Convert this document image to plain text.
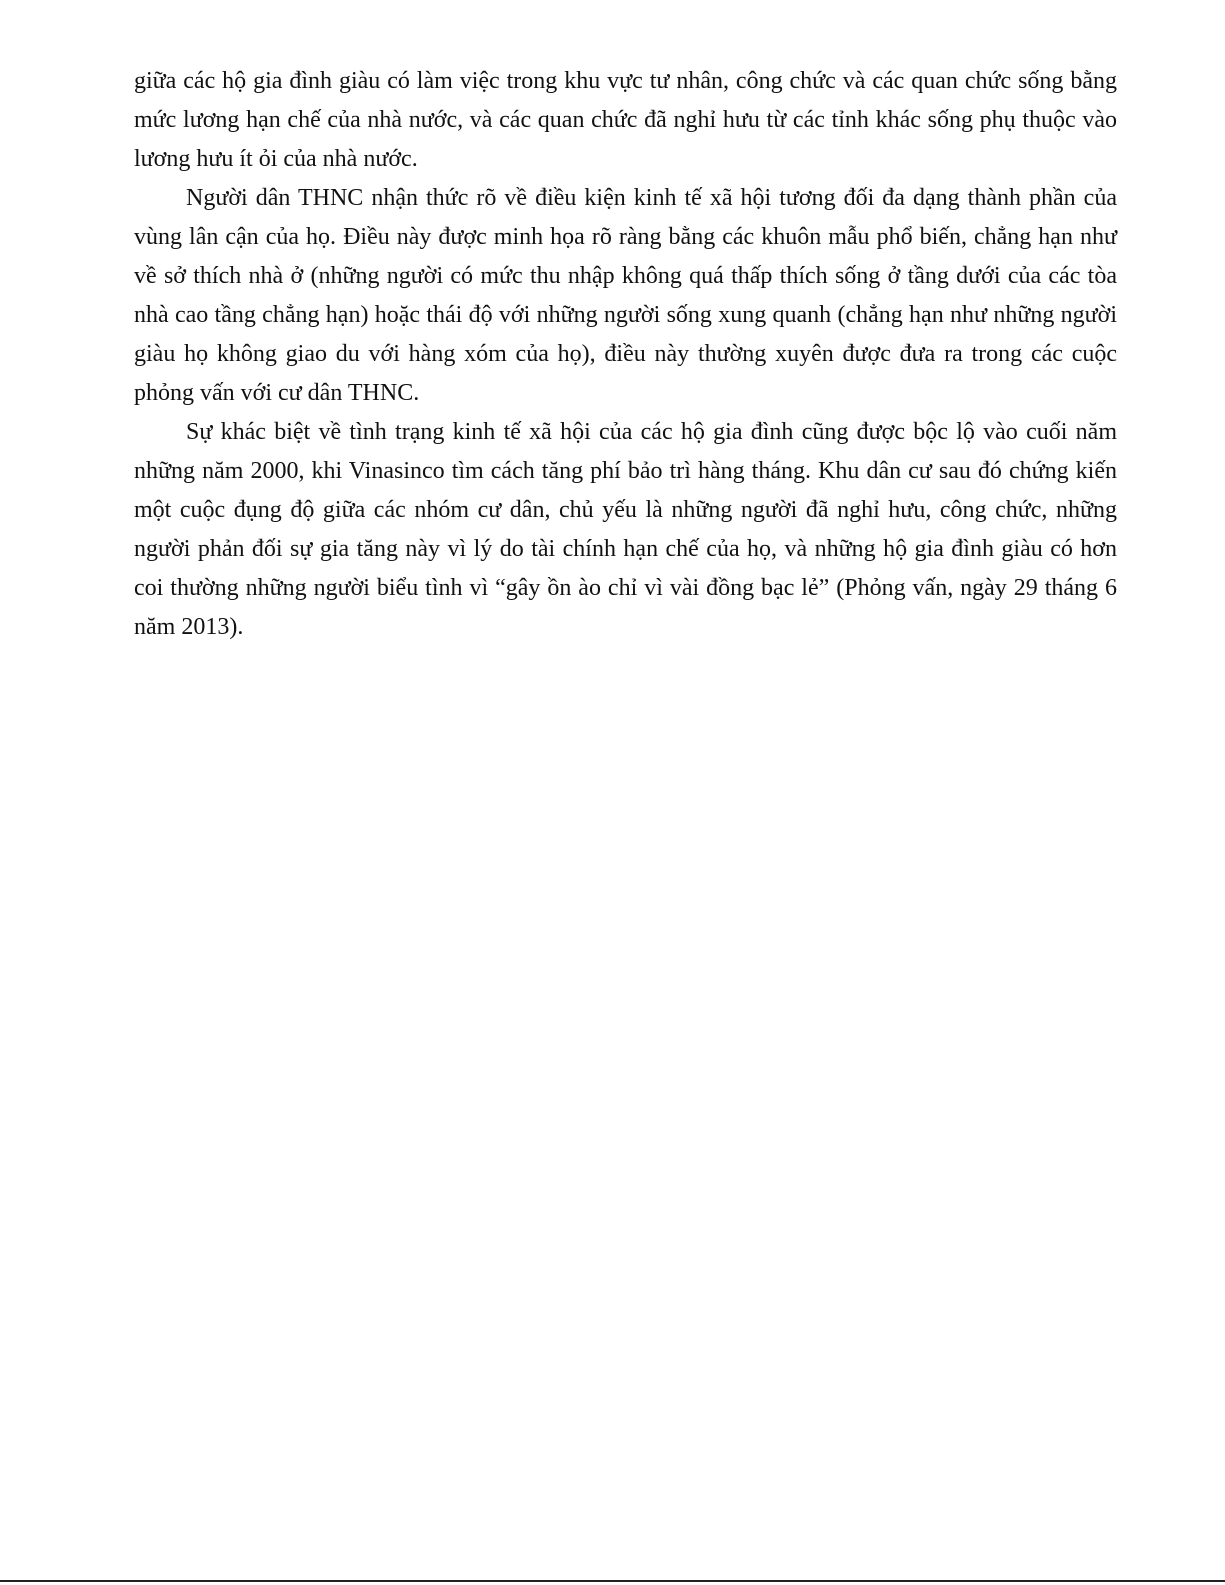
giữa các hộ gia đình giàu có làm việc trong khu vực tư nhân, công chức và các quan chức sống bằng mức lương hạn chế của nhà nước, và các quan chức đã nghỉ hưu từ các tỉnh khác sống phụ thuộc vào lương hưu ít ỏi của nhà nước.

Người dân THNC nhận thức rõ về điều kiện kinh tế xã hội tương đối đa dạng thành phần của vùng lân cận của họ. Điều này được minh họa rõ ràng bằng các khuôn mẫu phổ biến, chẳng hạn như về sở thích nhà ở (những người có mức thu nhập không quá thấp thích sống ở tầng dưới của các tòa nhà cao tầng chẳng hạn) hoặc thái độ với những người sống xung quanh (chẳng hạn như những người giàu họ không giao du với hàng xóm của họ), điều này thường xuyên được đưa ra trong các cuộc phỏng vấn với cư dân THNC.

Sự khác biệt về tình trạng kinh tế xã hội của các hộ gia đình cũng được bộc lộ vào cuối năm những năm 2000, khi Vinasinco tìm cách tăng phí bảo trì hàng tháng. Khu dân cư sau đó chứng kiến một cuộc đụng độ giữa các nhóm cư dân, chủ yếu là những người đã nghỉ hưu, công chức, những người phản đối sự gia tăng này vì lý do tài chính hạn chế của họ, và những hộ gia đình giàu có hơn coi thường những người biểu tình vì “gây ồn ào chỉ vì vài đồng bạc lẻ” (Phỏng vấn, ngày 29 tháng 6 năm 2013).
